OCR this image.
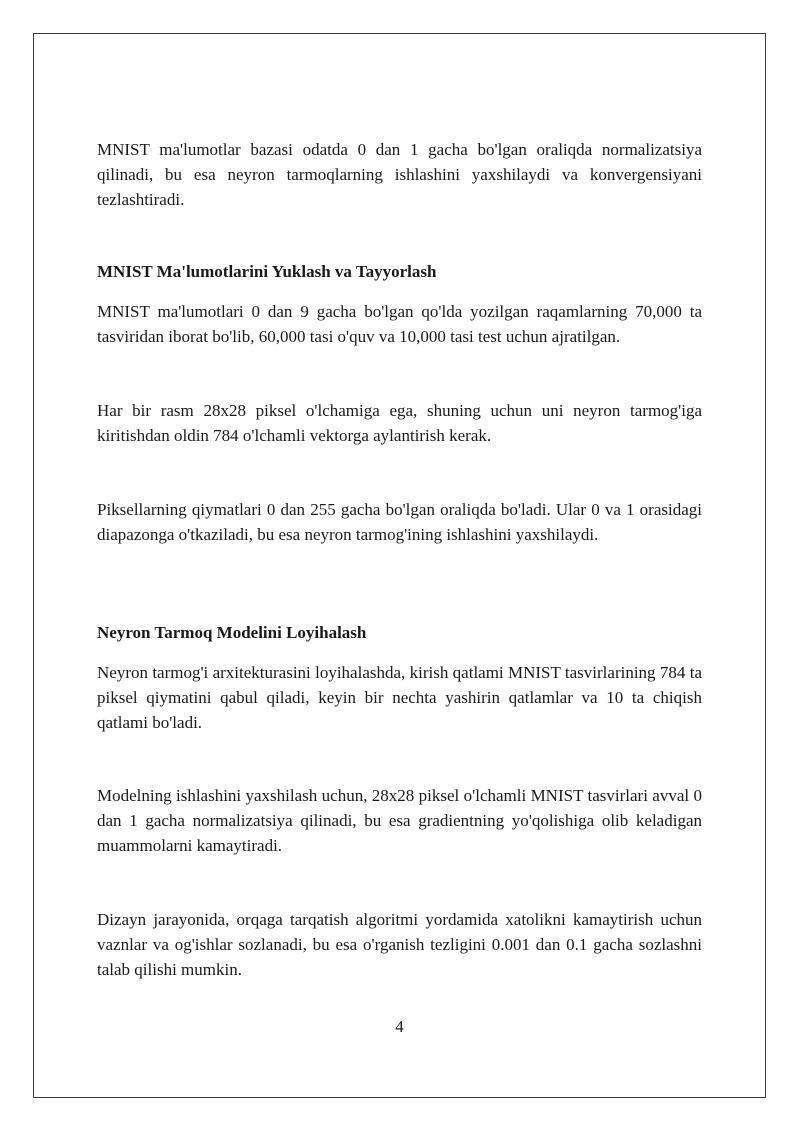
MNIST ma'lumotlar bazasi odatda 0 dan 1 gacha bo'lgan oraliqda normalizatsiya qilinadi, bu esa neyron tarmoqlarning ishlashini yaxshilaydi va konvergensiyani tezlashtiradi.

MNIST Ma'lumotlarini Yuklash va Tayyorlash

MNIST ma'lumotlari 0 dan 9 gacha bo'lgan qo'lda yozilgan raqamlarning 70,000 ta tasviridan iborat bo'lib, 60,000 tasi o'quv va 10,000 tasi test uchun ajratilgan.

Har bir rasm 28x28 piksel o'lchamiga ega, shuning uchun uni neyron tarmog'iga kiritishdan oldin 784 o'lchamli vektorga aylantirish kerak.

Piksellarning qiymatlari 0 dan 255 gacha bo'lgan oraliqda bo'ladi. Ular 0 va 1 orasidagi diapazonga o'tkaziladi, bu esa neyron tarmog'ining ishlashini yaxshilaydi.

Neyron Tarmoq Modelini Loyihalash

Neyron tarmog'i arxitekturasini loyihalashda, kirish qatlami MNIST tasvirlarining 784 ta piksel qiymatini qabul qiladi, keyin bir nechta yashirin qatlamlar va 10 ta chiqish qatlami bo'ladi.

Modelning ishlashini yaxshilash uchun, 28x28 piksel o'lchamli MNIST tasvirlari avval 0 dan 1 gacha normalizatsiya qilinadi, bu esa gradientning yo'qolishiga olib keladigan muammolarni kamaytiradi.

Dizayn jarayonida, orqaga tarqatish algoritmi yordamida xatolikni kamaytirish uchun vaznlar va og'ishlar sozlanadi, bu esa o'rganish tezligini 0.001 dan 0.1 gacha sozlashni talab qilishi mumkin.

4
